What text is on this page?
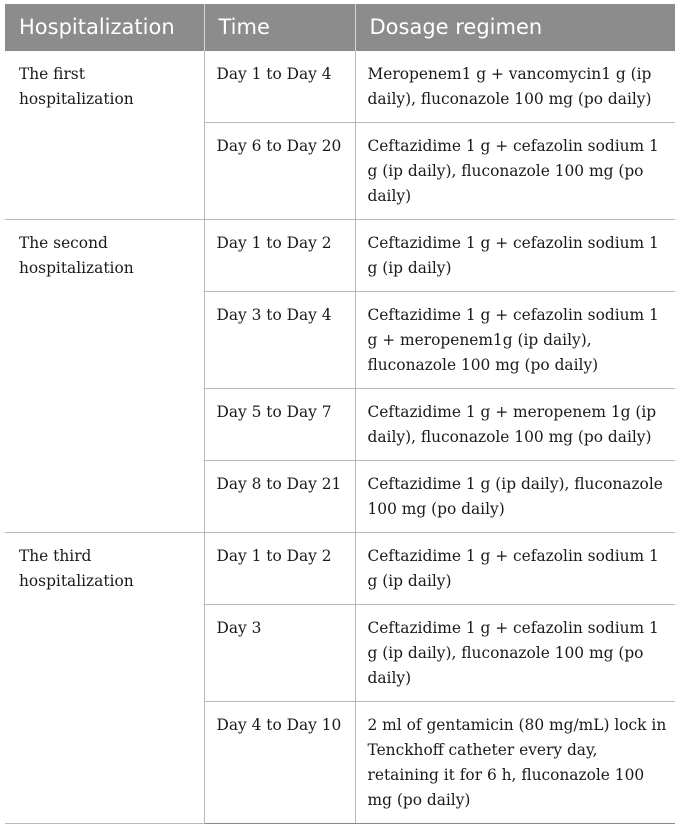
Hospitalization	Time	Dosage regimen
The first hospitalization	Day 1 to Day 4	Meropenem1 g + vancomycin1 g (ip daily), fluconazole 100 mg (po daily)
	Day 6 to Day 20	Ceftazidime 1 g + cefazolin sodium 1 g (ip daily), fluconazole 100 mg (po daily)
The second hospitalization	Day 1 to Day 2	Ceftazidime 1 g + cefazolin sodium 1 g (ip daily)
	Day 3 to Day 4	Ceftazidime 1 g + cefazolin sodium 1 g + meropenem1g (ip daily), fluconazole 100 mg (po daily)
	Day 5 to Day 7	Ceftazidime 1 g + meropenem 1g (ip daily), fluconazole 100 mg (po daily)
	Day 8 to Day 21	Ceftazidime 1 g (ip daily), fluconazole 100 mg (po daily)
The third hospitalization	Day 1 to Day 2	Ceftazidime 1 g + cefazolin sodium 1 g (ip daily)
	Day 3	Ceftazidime 1 g + cefazolin sodium 1 g (ip daily), fluconazole 100 mg (po daily)
	Day 4 to Day 10	2 ml of gentamicin (80 mg/mL) lock in Tenckhoff catheter every day, retaining it for 6 h, fluconazole 100 mg (po daily)
